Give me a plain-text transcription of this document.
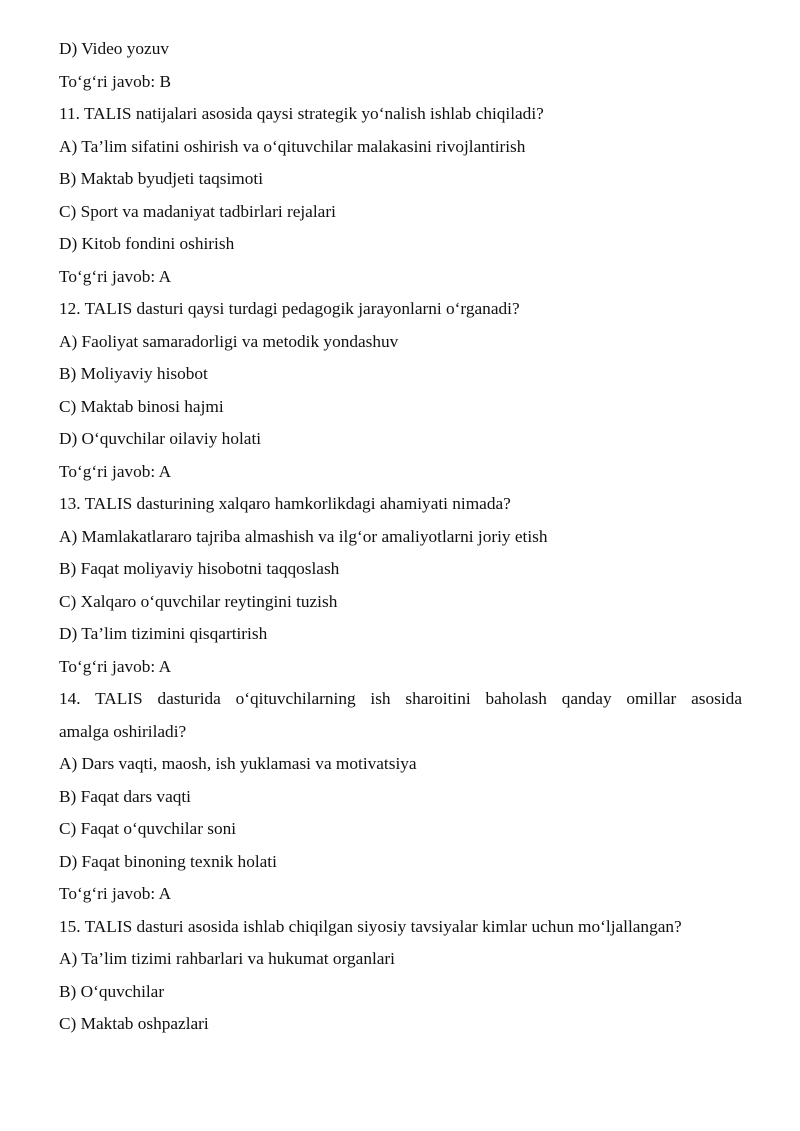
D) Video yozuv
To‘g‘ri javob: B
11. TALIS natijalari asosida qaysi strategik yo‘nalish ishlab chiqiladi?
A) Ta’lim sifatini oshirish va o‘qituvchilar malakasini rivojlantirish
B) Maktab byudjeti taqsimoti
C) Sport va madaniyat tadbirlari rejalari
D) Kitob fondini oshirish
To‘g‘ri javob: A
12. TALIS dasturi qaysi turdagi pedagogik jarayonlarni o‘rganadi?
A) Faoliyat samaradorligi va metodik yondashuv
B) Moliyaviy hisobot
C) Maktab binosi hajmi
D) O‘quvchilar oilaviy holati
To‘g‘ri javob: A
13. TALIS dasturining xalqaro hamkorlikdagi ahamiyati nimada?
A) Mamlakatlararo tajriba almashish va ilg‘or amaliyotlarni joriy etish
B) Faqat moliyaviy hisobotni taqqoslash
C) Xalqaro o‘quvchilar reytingini tuzish
D) Ta’lim tizimini qisqartirish
To‘g‘ri javob: A
14. TALIS dasturida o‘qituvchilarning ish sharoitini baholash qanday omillar asosida
amalga oshiriladi?
A) Dars vaqti, maosh, ish yuklamasi va motivatsiya
B) Faqat dars vaqti
C) Faqat o‘quvchilar soni
D) Faqat binoning texnik holati
To‘g‘ri javob: A
15. TALIS dasturi asosida ishlab chiqilgan siyosiy tavsiyalar kimlar uchun mo‘ljallangan?
A) Ta’lim tizimi rahbarlari va hukumat organlari
B) O‘quvchilar
C) Maktab oshpazlari
